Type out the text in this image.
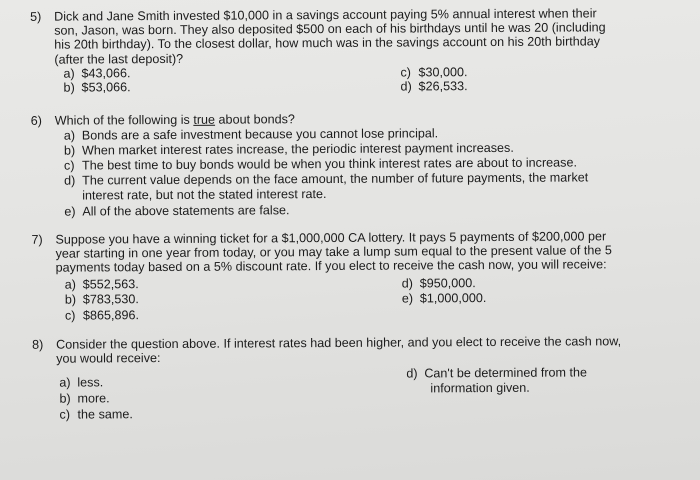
5) Dick and Jane Smith invested $10,000 in a savings account paying 5% annual interest when their
son, Jason, was born. They also deposited $500 on each of his birthdays until he was 20 (including
his 20th birthday). To the closest dollar, how much was in the savings account on his 20th birthday
(after the last deposit)?
a) $43,066.
b) $53,066.
c) $30,000.
d) $26,533.
6) Which of the following is true about bonds?
a) Bonds are a safe investment because you cannot lose principal.
b) When market interest rates increase, the periodic interest payment increases.
c) The best time to buy bonds would be when you think interest rates are about to increase.
d) The current value depends on the face amount, the number of future payments, the market
interest rate, but not the stated interest rate.
e) All of the above statements are false.
7) Suppose you have a winning ticket for a $1,000,000 CA lottery. It pays 5 payments of $200,000 per
year starting in one year from today, or you may take a lump sum equal to the present value of the 5
payments today based on a 5% discount rate. If you elect to receive the cash now, you will receive:
a) $552,563.
b) $783,530.
c) $865,896.
d) $950,000.
e) $1,000,000.
8) Consider the question above. If interest rates had been higher, and you elect to receive the cash now,
you would receive:
a) less.
b) more.
c) the same.
d) Can't be determined from the
information given.
